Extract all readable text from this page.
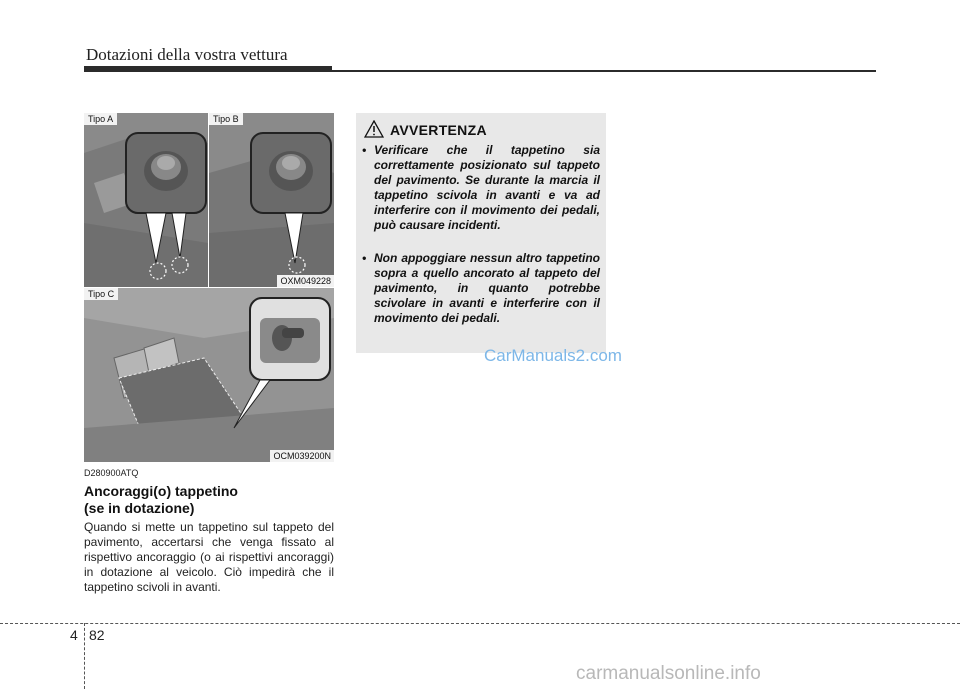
Dotazioni della vostra vettura
Tipo A	Tipo B
OXM049228
Tipo C
OCM039200N
D280900ATQ
Ancoraggi(o) tappetino
(se in dotazione)
Quando si mette un tappetino sul tappeto del pavimento, accertarsi che venga fissato al rispettivo ancoraggio (o ai rispettivi ancoraggi) in dotazione al veicolo. Ciò impedirà che il tappetino scivoli in avanti.
AVVERTENZA
• Verificare che il tappetino sia correttamente posizionato sul tappeto del pavimento. Se durante la marcia il tappetino scivola in avanti e va ad interferire con il movimento dei pedali, può causare incidenti.
• Non appoggiare nessun altro tappetino sopra a quello ancorato al tappeto del pavimento, in quanto potrebbe scivolare in avanti e interferire con il movimento dei pedali.
CarManuals2.com
4 82
carmanualsonline.info
